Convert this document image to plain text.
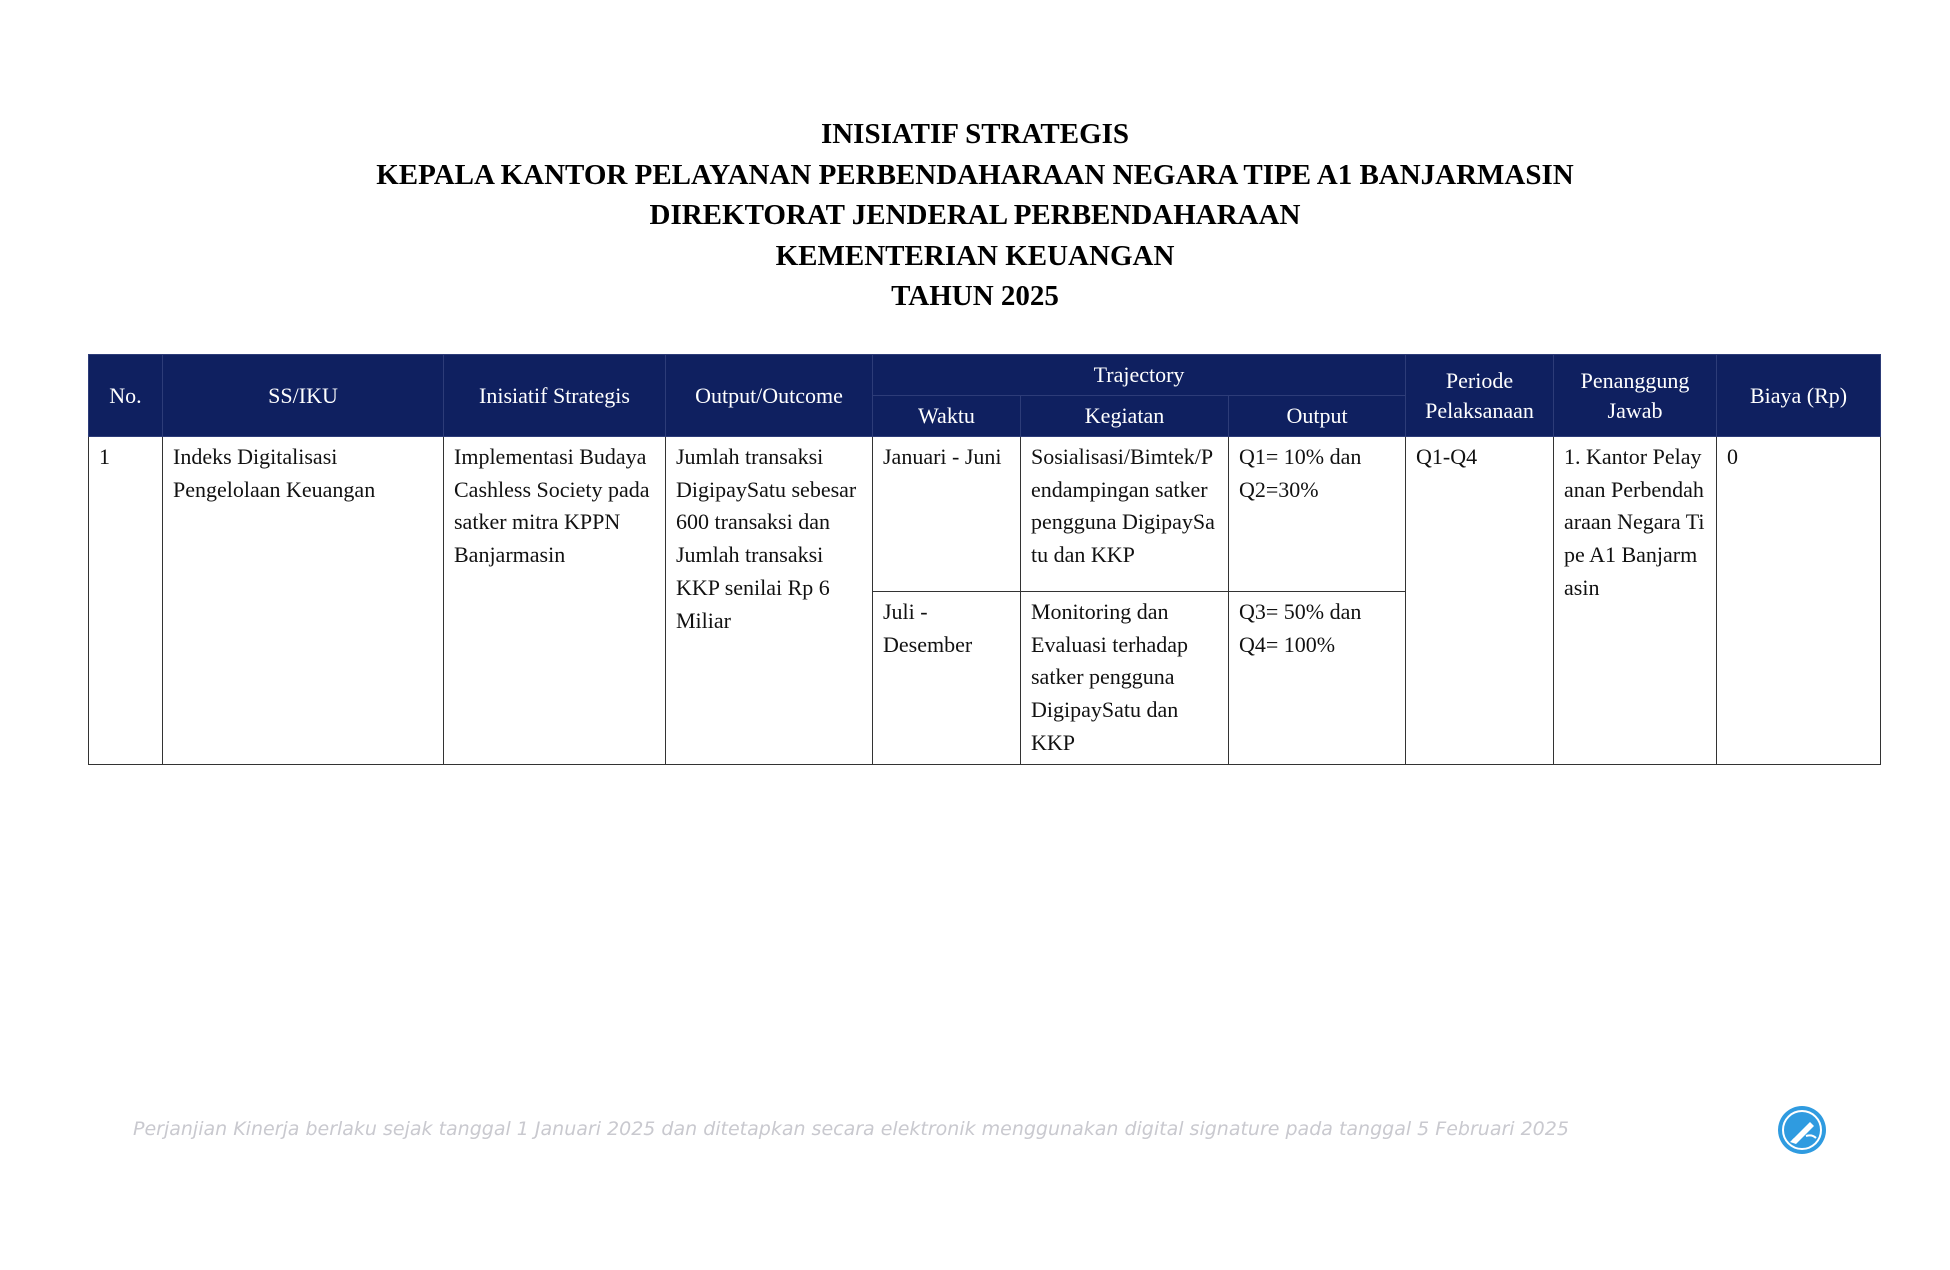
INISIATIF STRATEGIS
KEPALA KANTOR PELAYANAN PERBENDAHARAAN NEGARA TIPE A1 BANJARMASIN
DIREKTORAT JENDERAL PERBENDAHARAAN
KEMENTERIAN KEUANGAN
TAHUN 2025
No.	SS/IKU	Inisiatif Strategis	Output/Outcome	Trajectory			Periode Pelaksanaan	Penanggung Jawab	Biaya (Rp)
				Waktu	Kegiatan	Output			
1	Indeks Digitalisasi Pengelolaan Keuangan	Implementasi Budaya Cashless Society pada satker mitra KPPN Banjarmasin	Jumlah transaksi DigipaySatu sebesar 600 transaksi dan Jumlah transaksi KKP senilai Rp 6 Miliar	Januari - Juni	Sosialisasi/Bimtek/Pendampingan satker pengguna DigipaySatu dan KKP	Q1= 10% dan Q2=30%	Q1-Q4	1. Kantor Pelayanan Perbendaharaan Negara Tipe A1 Banjarmasin	0
				Juli - Desember	Monitoring dan Evaluasi terhadap satker pengguna DigipaySatu dan KKP	Q3= 50% dan Q4= 100%			
Perjanjian Kinerja berlaku sejak tanggal 1 Januari 2025 dan ditetapkan secara elektronik menggunakan digital signature pada tanggal 5 Februari 2025
